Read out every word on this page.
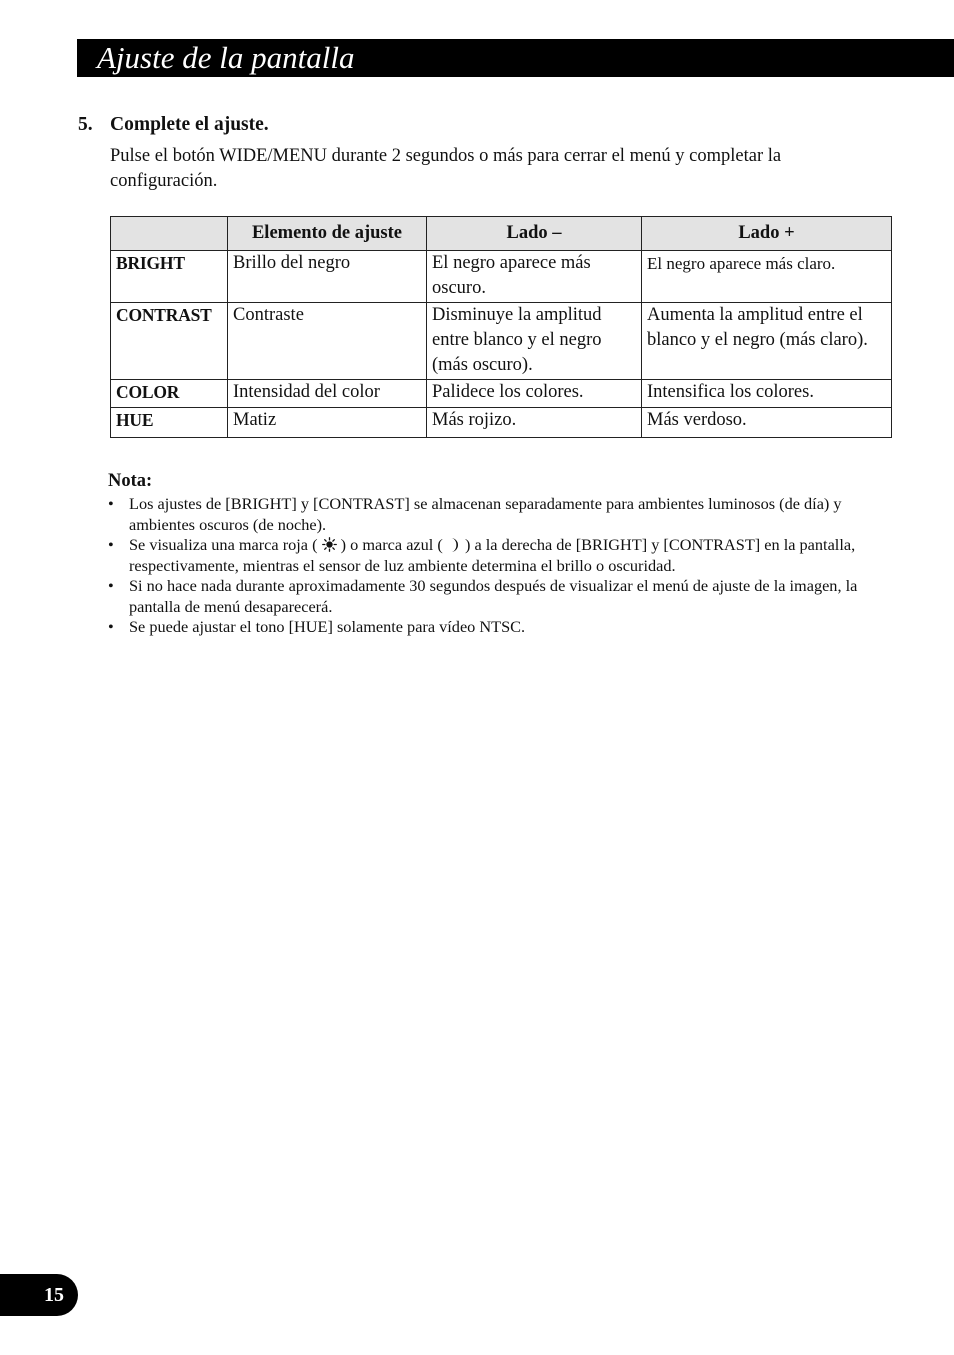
Ajuste de la pantalla
5. Complete el ajuste.
Pulse el botón WIDE/MENU durante 2 segundos o más para cerrar el menú y completar la configuración.
	Elemento de ajuste	Lado –	Lado +
BRIGHT	Brillo del negro	El negro aparece más oscuro.	El negro aparece más claro.
CONTRAST	Contraste	Disminuye la amplitud entre blanco y el negro (más oscuro).	Aumenta la amplitud entre el blanco y el negro (más claro).
COLOR	Intensidad del color	Palidece los colores.	Intensifica los colores.
HUE	Matiz	Más rojizo.	Más verdoso.
Nota:
• Los ajustes de [BRIGHT] y [CONTRAST] se almacenan separadamente para ambientes luminosos (de día) y ambientes oscuros (de noche).
• Se visualiza una marca roja ( ) o marca azul ( ) a la derecha de [BRIGHT] y [CONTRAST] en la pantalla, respectivamente, mientras el sensor de luz ambiente determina el brillo o oscuridad.
• Si no hace nada durante aproximadamente 30 segundos después de visualizar el menú de ajuste de la imagen, la pantalla de menú desaparecerá.
• Se puede ajustar el tono [HUE] solamente para vídeo NTSC.
15
